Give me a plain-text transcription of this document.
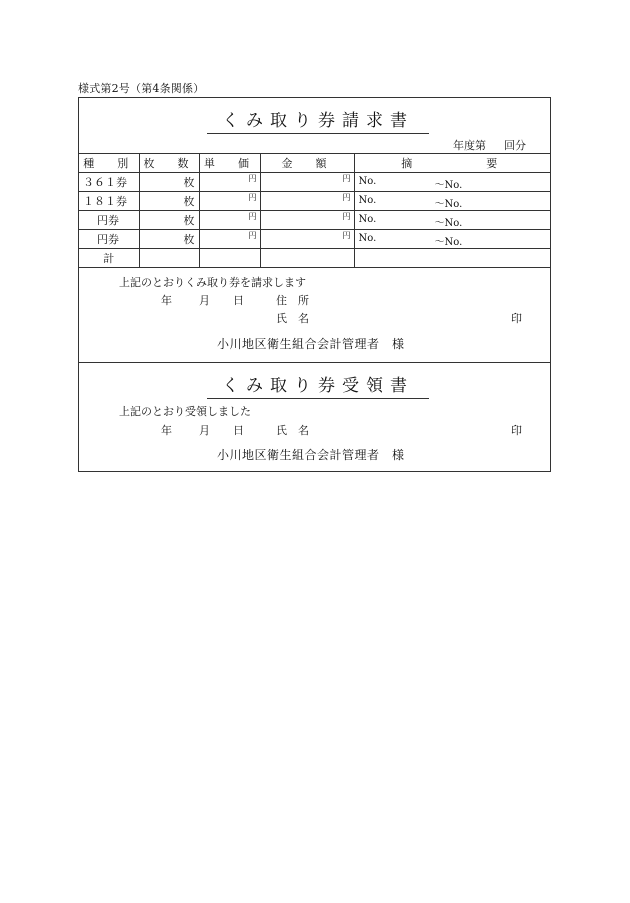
様式第2号（第4条関係）
くみ取り券請求書
年度第 回分
種　別	枚　数	単　価	金　額	摘　　　　要
３６１券	枚	円	円	No. 〜No.

１８１券	枚	円	円	No. 〜No.

円券	枚	円	円	No. 〜No.

円券	枚	円	円	No. 〜No.

計				
上記のとおりくみ取り券を請求します
年 月 日	住　所
氏　名	印
小川地区衛生組合会計管理者　様
くみ取り券受領書
上記のとおり受領しました
年 月 日	氏　名	印
小川地区衛生組合会計管理者　様
